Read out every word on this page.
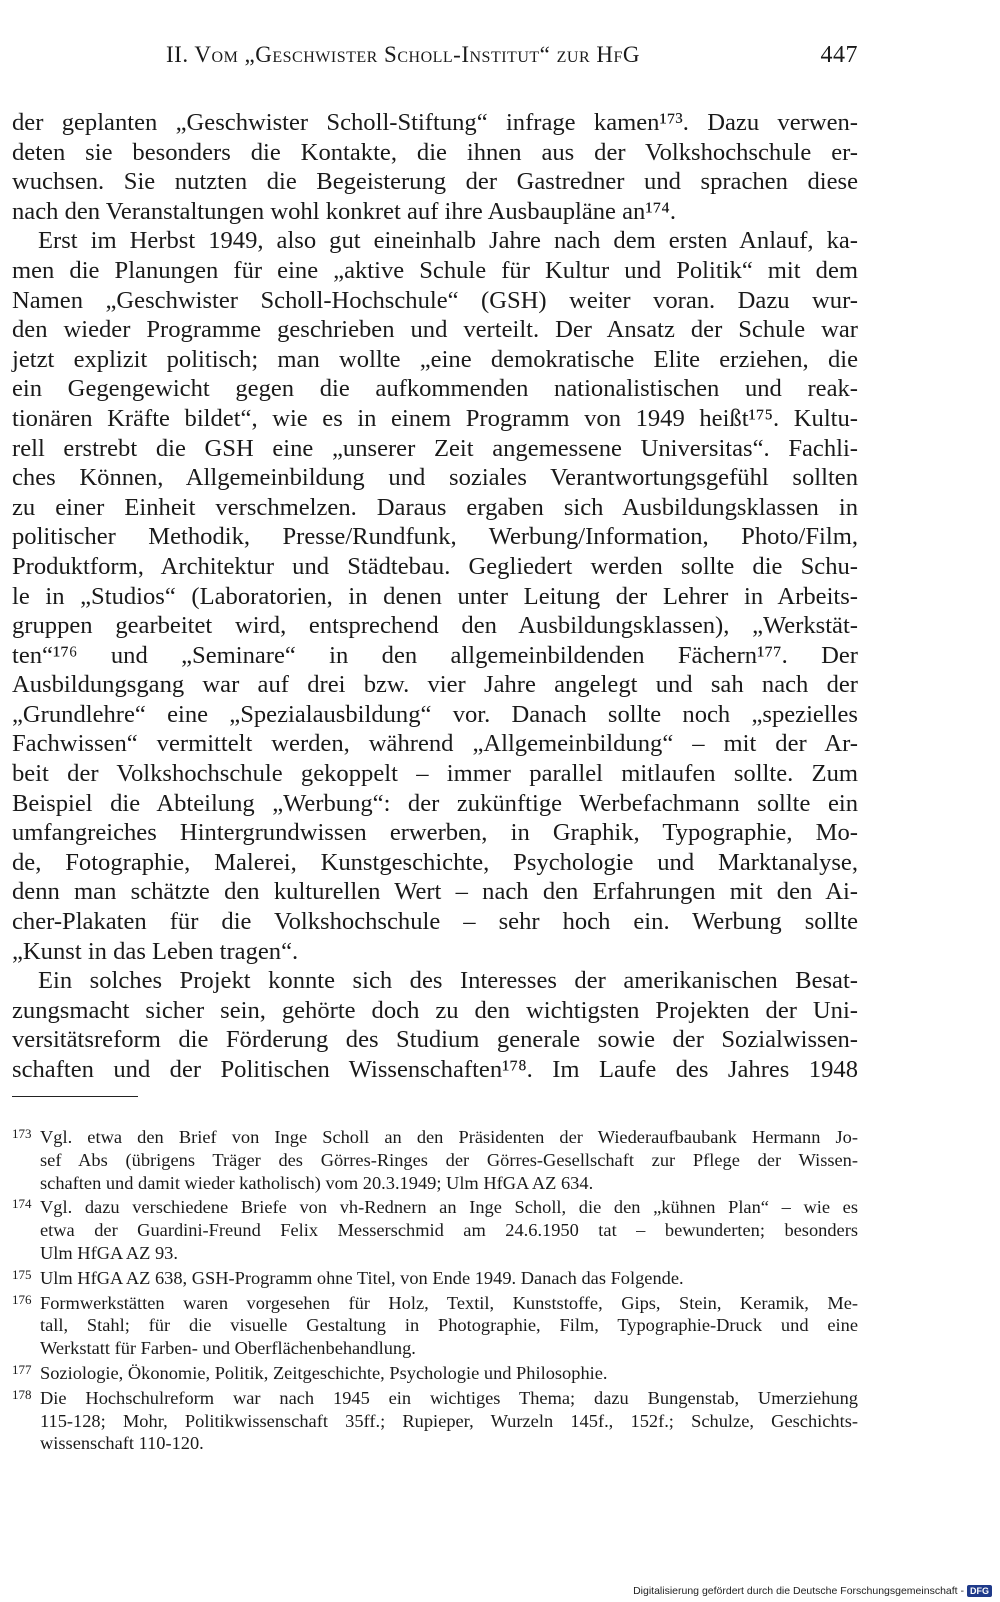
II. Vom „Geschwister Scholl-Institut“ zur HfG	447
der geplanten „Geschwister Scholl-Stiftung“ infrage kamen¹⁷³. Dazu verwen-
deten sie besonders die Kontakte, die ihnen aus der Volkshochschule er-
wuchsen. Sie nutzten die Begeisterung der Gastredner und sprachen diese
nach den Veranstaltungen wohl konkret auf ihre Ausbaupläne an¹⁷⁴.
Erst im Herbst 1949, also gut eineinhalb Jahre nach dem ersten Anlauf, ka-
men die Planungen für eine „aktive Schule für Kultur und Politik“ mit dem
Namen „Geschwister Scholl-Hochschule“ (GSH) weiter voran. Dazu wur-
den wieder Programme geschrieben und verteilt. Der Ansatz der Schule war
jetzt explizit politisch; man wollte „eine demokratische Elite erziehen, die
ein Gegengewicht gegen die aufkommenden nationalistischen und reak-
tionären Kräfte bildet“, wie es in einem Programm von 1949 heißt¹⁷⁵. Kultu-
rell erstrebt die GSH eine „unserer Zeit angemessene Universitas“. Fachli-
ches Können, Allgemeinbildung und soziales Verantwortungsgefühl sollten
zu einer Einheit verschmelzen. Daraus ergaben sich Ausbildungsklassen in
politischer Methodik, Presse/Rundfunk, Werbung/Information, Photo/Film,
Produktform, Architektur und Städtebau. Gegliedert werden sollte die Schu-
le in „Studios“ (Laboratorien, in denen unter Leitung der Lehrer in Arbeits-
gruppen gearbeitet wird, entsprechend den Ausbildungsklassen), „Werkstät-
ten“¹⁷⁶ und „Seminare“ in den allgemeinbildenden Fächern¹⁷⁷. Der
Ausbildungsgang war auf drei bzw. vier Jahre angelegt und sah nach der
„Grundlehre“ eine „Spezialausbildung“ vor. Danach sollte noch „spezielles
Fachwissen“ vermittelt werden, während „Allgemeinbildung“ – mit der Ar-
beit der Volkshochschule gekoppelt – immer parallel mitlaufen sollte. Zum
Beispiel die Abteilung „Werbung“: der zukünftige Werbefachmann sollte ein
umfangreiches Hintergrundwissen erwerben, in Graphik, Typographie, Mo-
de, Fotographie, Malerei, Kunstgeschichte, Psychologie und Marktanalyse,
denn man schätzte den kulturellen Wert – nach den Erfahrungen mit den Ai-
cher-Plakaten für die Volkshochschule – sehr hoch ein. Werbung sollte
„Kunst in das Leben tragen“.
Ein solches Projekt konnte sich des Interesses der amerikanischen Besat-
zungsmacht sicher sein, gehörte doch zu den wichtigsten Projekten der Uni-
versitätsreform die Förderung des Studium generale sowie der Sozialwissen-
schaften und der Politischen Wissenschaften¹⁷⁸. Im Laufe des Jahres 1948
173 Vgl. etwa den Brief von Inge Scholl an den Präsidenten der Wiederaufbaubank Hermann Jo-
sef Abs (übrigens Träger des Görres-Ringes der Görres-Gesellschaft zur Pflege der Wissen-
schaften und damit wieder katholisch) vom 20.3.1949; Ulm HfGA AZ 634.
174 Vgl. dazu verschiedene Briefe von vh-Rednern an Inge Scholl, die den „kühnen Plan“ – wie es
etwa der Guardini-Freund Felix Messerschmid am 24.6.1950 tat – bewunderten; besonders
Ulm HfGA AZ 93.
175 Ulm HfGA AZ 638, GSH-Programm ohne Titel, von Ende 1949. Danach das Folgende.
176 Formwerkstätten waren vorgesehen für Holz, Textil, Kunststoffe, Gips, Stein, Keramik, Me-
tall, Stahl; für die visuelle Gestaltung in Photographie, Film, Typographie-Druck und eine
Werkstatt für Farben- und Oberflächenbehandlung.
177 Soziologie, Ökonomie, Politik, Zeitgeschichte, Psychologie und Philosophie.
178 Die Hochschulreform war nach 1945 ein wichtiges Thema; dazu Bungenstab, Umerziehung
115-128; Mohr, Politikwissenschaft 35ff.; Rupieper, Wurzeln 145f., 152f.; Schulze, Geschichts-
wissenschaft 110-120.
Digitalisierung gefördert durch die Deutsche Forschungsgemeinschaft - DFG
